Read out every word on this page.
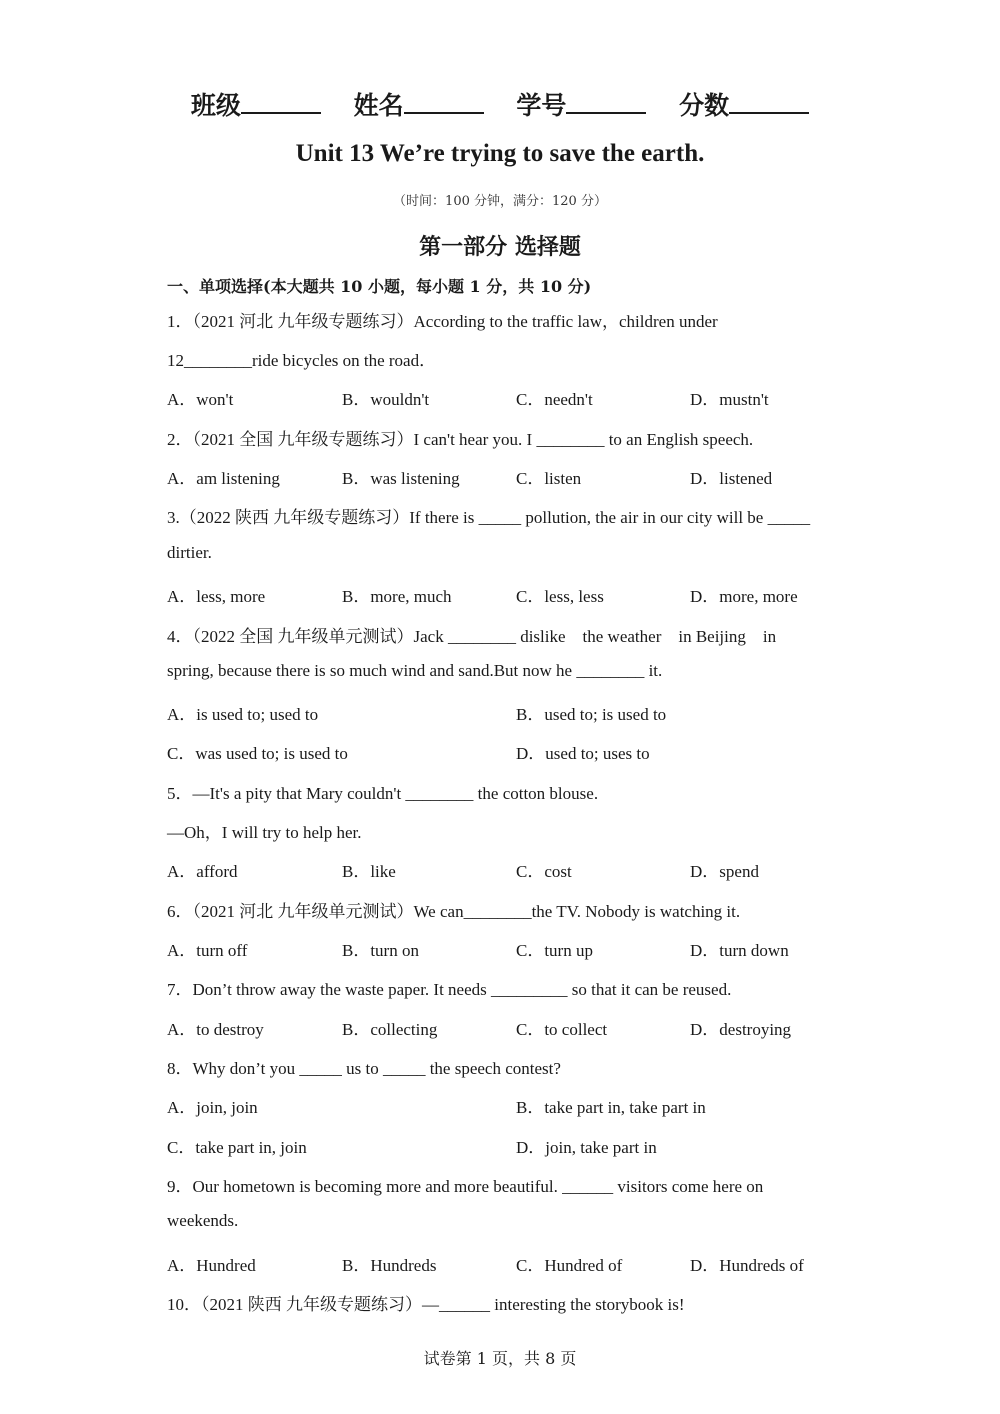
班级	姓名	学号	分数
Unit 13 We’re trying to save the earth.
（时间：100 分钟，满分：120 分）
第一部分 选择题
一、单项选择(本大题共 10 小题，每小题 1 分，共 10 分)
1．（2021 河北 九年级专题练习）According to the traffic law，children under
12________ride bicycles on the road．
A．won't	B．wouldn't	C．needn't	D．mustn't
2．（2021 全国 九年级专题练习）I can't hear you. I ________ to an English speech.
A．am listening	B．was listening	C．listen	D．listened
3.（2022 陕西 九年级专题练习）If there is _____ pollution, the air in our city will be _____
dirtier.
A．less, more	B．more, much	C．less, less	D．more, more
4．（2022 全国 九年级单元测试）Jack ________ dislike    the weather    in Beijing    in
spring, because there is so much wind and sand.But now he ________ it.
A．is used to; used to	B．used to; is used to
C．was used to; is used to	D．used to; uses to
5．—It's a pity that Mary couldn't ________ the cotton blouse.
—Oh，I will try to help her.
A．afford	B．like	C．cost	D．spend
6．（2021 河北 九年级单元测试）We can________the TV. Nobody is watching it.
A．turn off	B．turn on	C．turn up	D．turn down
7．Don’t throw away the waste paper. It needs _________ so that it can be reused.
A．to destroy	B．collecting	C．to collect	D．destroying
8．Why don’t you _____ us to _____ the speech contest?
A．join, join	B．take part in, take part in
C．take part in, join	D．join, take part in
9．Our hometown is becoming more and more beautiful. ______ visitors come here on
weekends.
A．Hundred	B．Hundreds	C．Hundred of	D．Hundreds of
10．（2021 陕西 九年级专题练习）—______ interesting the storybook is!
试卷第 1 页，共 8 页
